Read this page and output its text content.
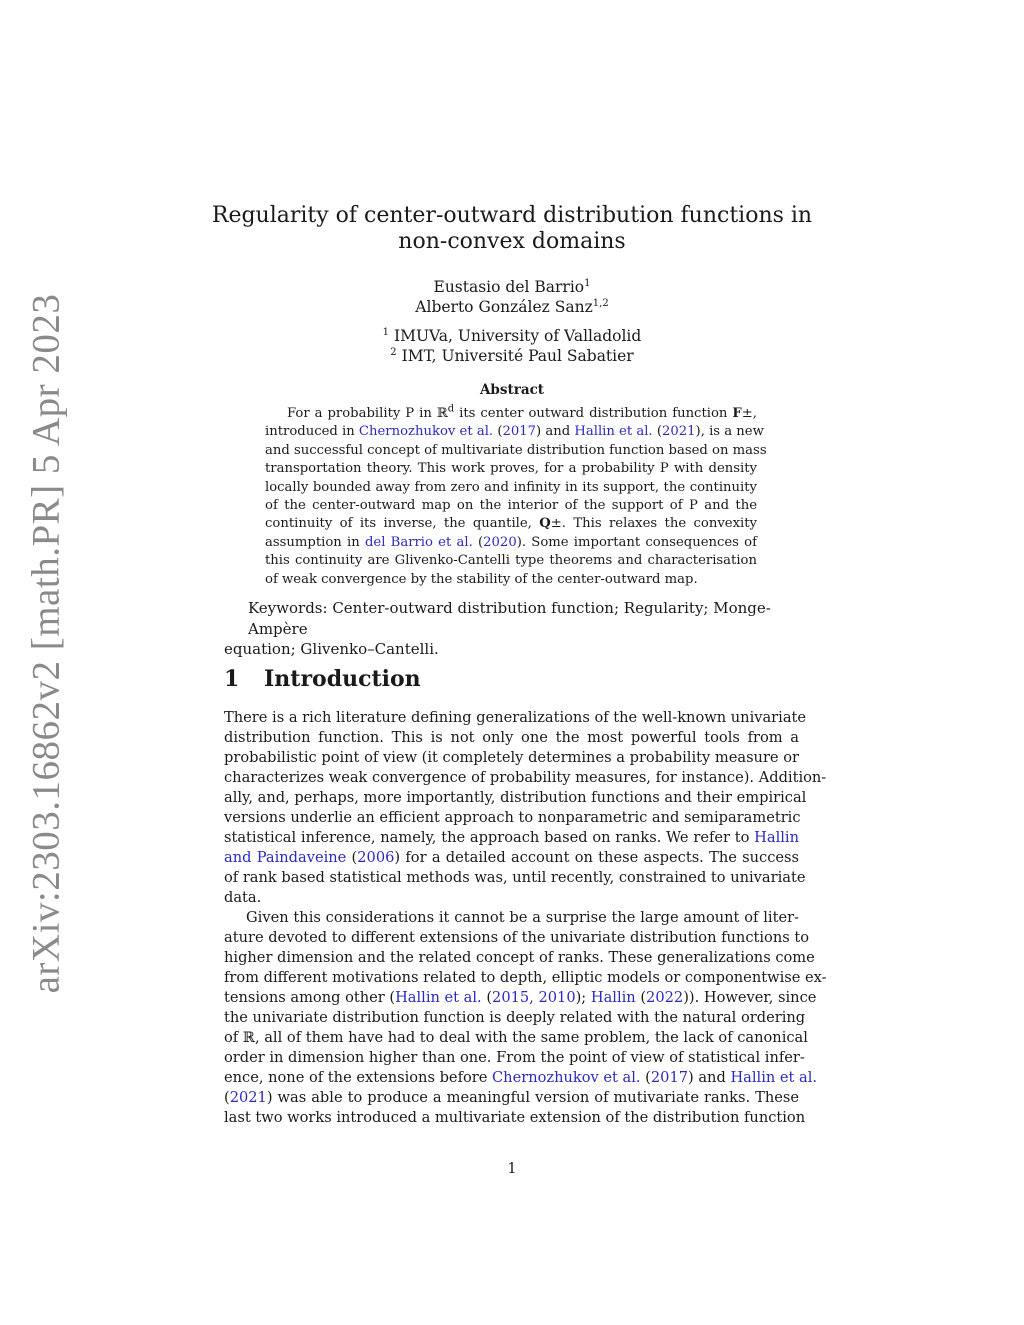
arXiv:2303.16862v2 [math.PR] 5 Apr 2023
Regularity of center-outward distribution functions in
non-convex domains
Eustasio del Barrio$^1$
Alberto González Sanz$^{1,2}$
$^1$ IMUVa, University of Valladolid
$^2$ IMT, Université Paul Sabatier
Abstract
For a probability P in ℝ$^d$ its center outward distribution function F±,
introduced in Chernozhukov et al. (2017) and Hallin et al. (2021), is a new
and successful concept of multivariate distribution function based on mass
transportation theory. This work proves, for a probability P with density
locally bounded away from zero and infinity in its support, the continuity
of the center-outward map on the interior of the support of P and the
continuity of its inverse, the quantile, Q±. This relaxes the convexity
assumption in del Barrio et al. (2020). Some important consequences of
this continuity are Glivenko-Cantelli type theorems and characterisation
of weak convergence by the stability of the center-outward map.
Keywords: Center-outward distribution function; Regularity; Monge-Ampère
equation; Glivenko–Cantelli.
1 Introduction
There is a rich literature defining generalizations of the well-known univariate
distribution function. This is not only one the most powerful tools from a
probabilistic point of view (it completely determines a probability measure or
characterizes weak convergence of probability measures, for instance). Addition-
ally, and, perhaps, more importantly, distribution functions and their empirical
versions underlie an efficient approach to nonparametric and semiparametric
statistical inference, namely, the approach based on ranks. We refer to Hallin
and Paindaveine (2006) for a detailed account on these aspects. The success
of rank based statistical methods was, until recently, constrained to univariate
data.
Given this considerations it cannot be a surprise the large amount of liter-
ature devoted to different extensions of the univariate distribution functions to
higher dimension and the related concept of ranks. These generalizations come
from different motivations related to depth, elliptic models or componentwise ex-
tensions among other (Hallin et al. (2015, 2010); Hallin (2022)). However, since
the univariate distribution function is deeply related with the natural ordering
of ℝ, all of them have had to deal with the same problem, the lack of canonical
order in dimension higher than one. From the point of view of statistical infer-
ence, none of the extensions before Chernozhukov et al. (2017) and Hallin et al.
(2021) was able to produce a meaningful version of mutivariate ranks. These
last two works introduced a multivariate extension of the distribution function
1
